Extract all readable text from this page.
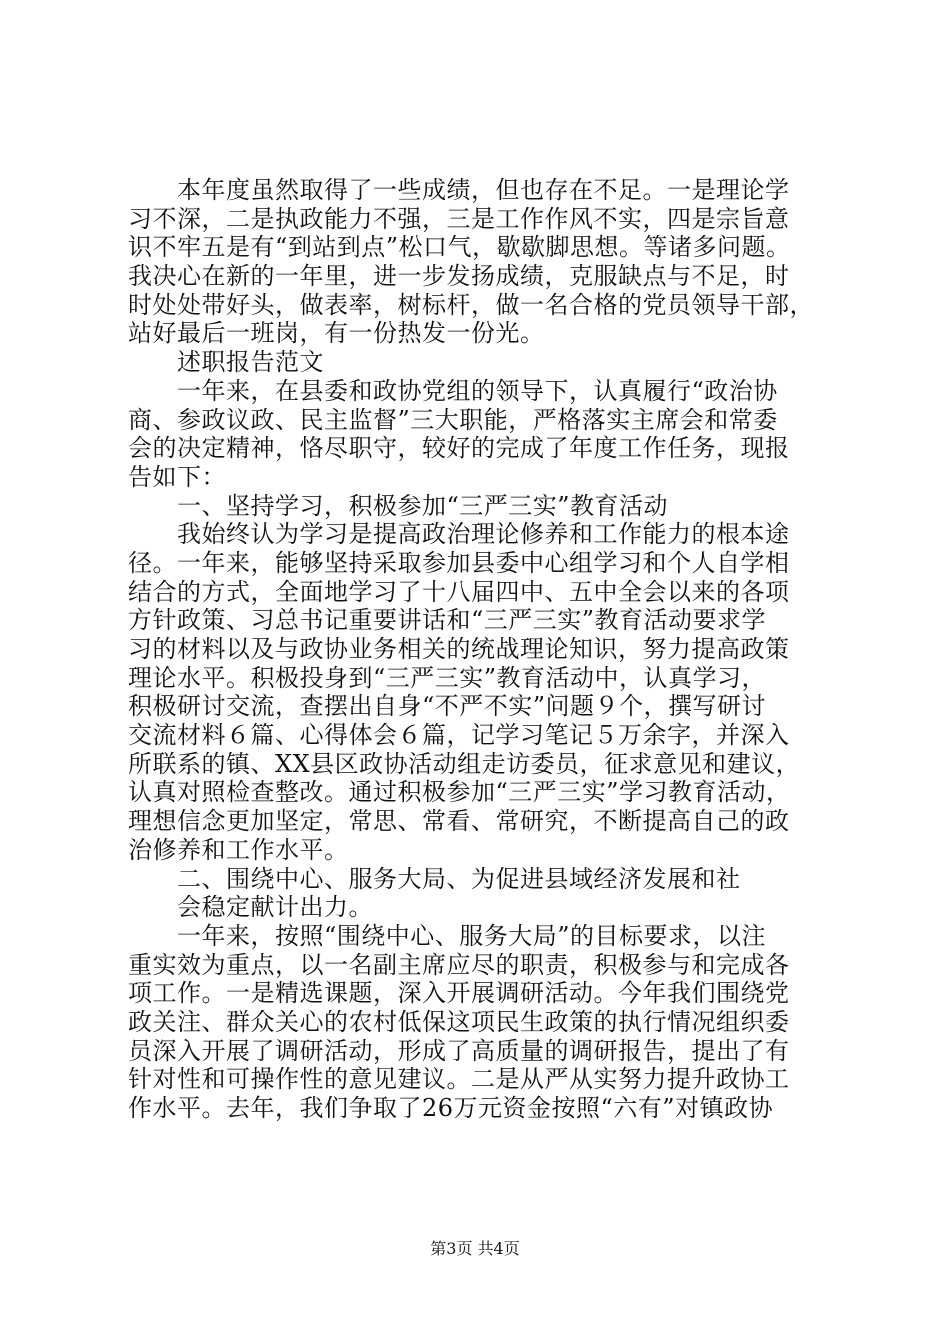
　　本年度虽然取得了一些成绩，但也存在不足。一是理论学
习不深，二是执政能力不强，三是工作作风不实，四是宗旨意
识不牢五是有“到站到点”松口气，歇歇脚思想。等诸多问题。
我决心在新的一年里，进一步发扬成绩，克服缺点与不足，时
时处处带好头，做表率，树标杆，做一名合格的党员领导干部，
站好最后一班岗，有一份热发一份光。
　　述职报告范文
　　一年来，在县委和政协党组的领导下，认真履行“政治协
商、参政议政、民主监督”三大职能，严格落实主席会和常委
会的决定精神，恪尽职守，较好的完成了年度工作任务，现报
告如下：
　　一、坚持学习，积极参加“三严三实”教育活动
　　我始终认为学习是提高政治理论修养和工作能力的根本途
径。一年来，能够坚持采取参加县委中心组学习和个人自学相
结合的方式，全面地学习了十八届四中、五中全会以来的各项
方针政策、习总书记重要讲话和“三严三实”教育活动要求学
习的材料以及与政协业务相关的统战理论知识，努力提高政策
理论水平。积极投身到“三严三实”教育活动中，认真学习，
积极研讨交流，查摆出自身“不严不实”问题９个，撰写研讨
交流材料６篇、心得体会６篇，记学习笔记５万余字，并深入
所联系的镇、XX县区政协活动组走访委员，征求意见和建议，
认真对照检查整改。通过积极参加“三严三实”学习教育活动，
理想信念更加坚定，常思、常看、常研究，不断提高自己的政
治修养和工作水平。
　　二、围绕中心、服务大局、为促进县域经济发展和社
　　会稳定献计出力。
　　一年来，按照“围绕中心、服务大局”的目标要求，以注
重实效为重点，以一名副主席应尽的职责，积极参与和完成各
项工作。一是精选课题，深入开展调研活动。今年我们围绕党
政关注、群众关心的农村低保这项民生政策的执行情况组织委
员深入开展了调研活动，形成了高质量的调研报告，提出了有
针对性和可操作性的意见建议。二是从严从实努力提升政协工
作水平。去年，我们争取了26万元资金按照“六有”对镇政协
第3页 共4页
